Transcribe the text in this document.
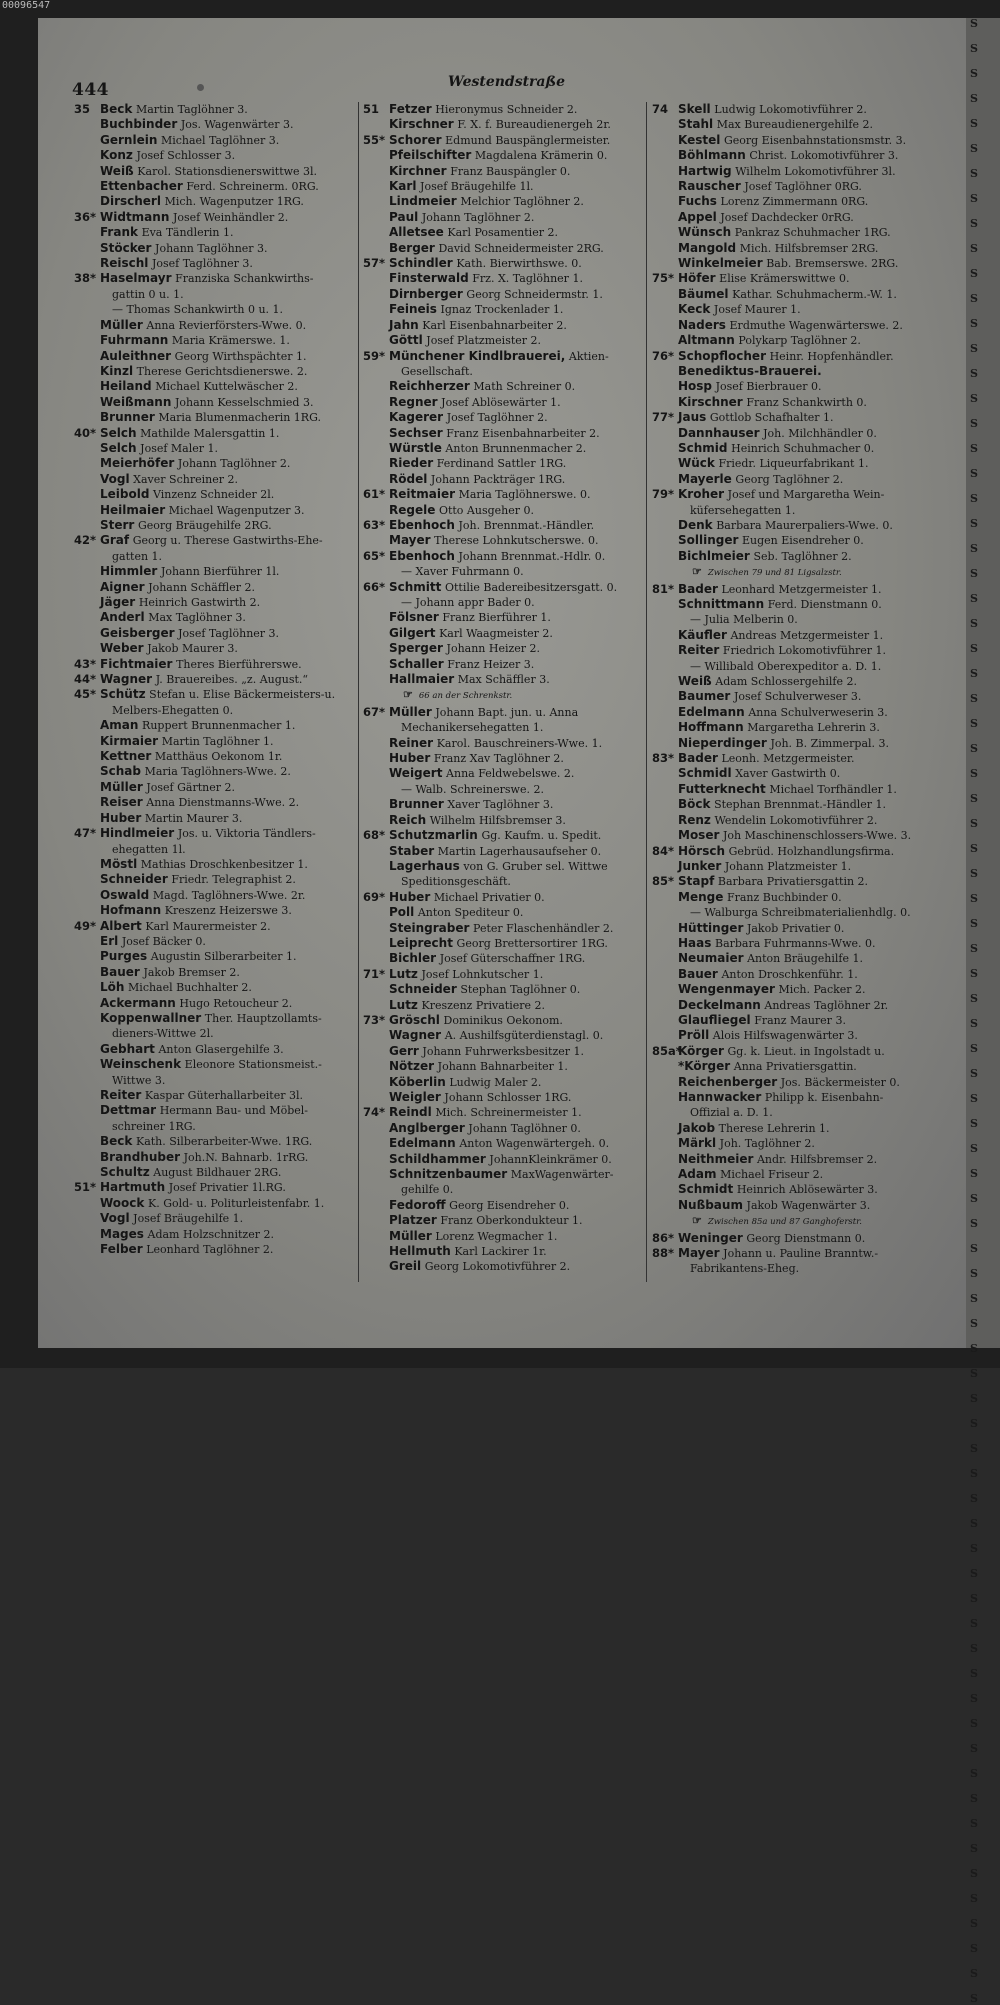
00096547
S
S
S
S
S
S
S
S
S
S
S
S
S
S
S
S
S
S
S
S
S
S
S
S
S
S
S
S
S
S
S
S
S
S
S
S
S
S
S
S
S
S
S
S
S
S
S
S
S
S
S
S
S
S
S
S
S
S
S
S
S
S
S
S
S
S
S
S
S
S
S
S
S
S
S
S
S
S
S
S
444	Westendstraße
35 Beck Martin Taglöhner 3.
Buchbinder Jos. Wagenwärter 3.
Gernlein Michael Taglöhner 3.
Konz Josef Schlosser 3.
Weiß Karol. Stationsdienerswittwe 3l.
Ettenbacher Ferd. Schreinerm. 0RG.
Dirscherl Mich. Wagenputzer 1RG.
36* Widtmann Josef Weinhändler 2.
Frank Eva Tändlerin 1.
Stöcker Johann Taglöhner 3.
Reischl Josef Taglöhner 3.
38* Haselmayr Franziska Schankwirths-
gattin 0 u. 1.
— Thomas Schankwirth 0 u. 1.
Müller Anna Revierförsters-Wwe. 0.
Fuhrmann Maria Krämerswe. 1.
Auleithner Georg Wirthspächter 1.
Kinzl Therese Gerichtsdienerswe. 2.
Heiland Michael Kuttelwäscher 2.
Weißmann Johann Kesselschmied 3.
Brunner Maria Blumenmacherin 1RG.
40* Selch Mathilde Malersgattin 1.
Selch Josef Maler 1.
Meierhöfer Johann Taglöhner 2.
Vogl Xaver Schreiner 2.
Leibold Vinzenz Schneider 2l.
Heilmaier Michael Wagenputzer 3.
Sterr Georg Bräugehilfe 2RG.
42* Graf Georg u. Therese Gastwirths-Ehe-
gatten 1.
Himmler Johann Bierführer 1l.
Aigner Johann Schäffler 2.
Jäger Heinrich Gastwirth 2.
Anderl Max Taglöhner 3.
Geisberger Josef Taglöhner 3.
Weber Jakob Maurer 3.
43* Fichtmaier Theres Bierführerswe.
44* Wagner J. Brauereibes. „z. August.“
45* Schütz Stefan u. Elise Bäckermeisters-u.
Melbers-Ehegatten 0.
Aman Ruppert Brunnenmacher 1.
Kirmaier Martin Taglöhner 1.
Kettner Matthäus Oekonom 1r.
Schab Maria Taglöhners-Wwe. 2.
Müller Josef Gärtner 2.
Reiser Anna Dienstmanns-Wwe. 2.
Huber Martin Maurer 3.
47* Hindlmeier Jos. u. Viktoria Tändlers-
ehegatten 1l.
Möstl Mathias Droschkenbesitzer 1.
Schneider Friedr. Telegraphist 2.
Oswald Magd. Taglöhners-Wwe. 2r.
Hofmann Kreszenz Heizerswe 3.
49* Albert Karl Maurermeister 2.
Erl Josef Bäcker 0.
Purges Augustin Silberarbeiter 1.
Bauer Jakob Bremser 2.
Löh Michael Buchhalter 2.
Ackermann Hugo Retoucheur 2.
Koppenwallner Ther. Hauptzollamts-
dieners-Wittwe 2l.
Gebhart Anton Glasergehilfe 3.
Weinschenk Eleonore Stationsmeist.-
Wittwe 3.
Reiter Kaspar Güterhallarbeiter 3l.
Dettmar Hermann Bau- und Möbel-
schreiner 1RG.
Beck Kath. Silberarbeiter-Wwe. 1RG.
Brandhuber Joh.N. Bahnarb. 1rRG.
Schultz August Bildhauer 2RG.
51* Hartmuth Josef Privatier 1l.RG.
Woock K. Gold- u. Politurleistenfabr. 1.
Vogl Josef Bräugehilfe 1.
Mages Adam Holzschnitzer 2.
Felber Leonhard Taglöhner 2.
51 Fetzer Hieronymus Schneider 2.
Kirschner F. X. f. Bureaudienergeh 2r.
55* Schorer Edmund Bauspänglermeister.
Pfeilschifter Magdalena Krämerin 0.
Kirchner Franz Bauspängler 0.
Karl Josef Bräugehilfe 1l.
Lindmeier Melchior Taglöhner 2.
Paul Johann Taglöhner 2.
Alletsee Karl Posamentier 2.
Berger David Schneidermeister 2RG.
57* Schindler Kath. Bierwirthswe. 0.
Finsterwald Frz. X. Taglöhner 1.
Dirnberger Georg Schneidermstr. 1.
Feineis Ignaz Trockenlader 1.
Jahn Karl Eisenbahnarbeiter 2.
Göttl Josef Platzmeister 2.
59* Münchener Kindlbrauerei, Aktien-
Gesellschaft.
Reichherzer Math Schreiner 0.
Regner Josef Ablösewärter 1.
Kagerer Josef Taglöhner 2.
Sechser Franz Eisenbahnarbeiter 2.
Würstle Anton Brunnenmacher 2.
Rieder Ferdinand Sattler 1RG.
Rödel Johann Packträger 1RG.
61* Reitmaier Maria Taglöhnerswe. 0.
Regele Otto Ausgeher 0.
63* Ebenhoch Joh. Brennmat.-Händler.
Mayer Therese Lohnkutscherswe. 0.
65* Ebenhoch Johann Brennmat.-Hdlr. 0.
— Xaver Fuhrmann 0.
66* Schmitt Ottilie Badereibesitzersgatt. 0.
— Johann appr Bader 0.
Fölsner Franz Bierführer 1.
Gilgert Karl Waagmeister 2.
Sperger Johann Heizer 2.
Schaller Franz Heizer 3.
Hallmaier Max Schäffler 3.
☞ 66 an der Schrenkstr.
67* Müller Johann Bapt. jun. u. Anna
Mechanikersehegatten 1.
Reiner Karol. Bauschreiners-Wwe. 1.
Huber Franz Xav Taglöhner 2.
Weigert Anna Feldwebelswe. 2.
— Walb. Schreinerswe. 2.
Brunner Xaver Taglöhner 3.
Reich Wilhelm Hilfsbremser 3.
68* Schutzmarlin Gg. Kaufm. u. Spedit.
Staber Martin Lagerhausaufseher 0.
Lagerhaus von G. Gruber sel. Wittwe
Speditionsgeschäft.
69* Huber Michael Privatier 0.
Poll Anton Spediteur 0.
Steingraber Peter Flaschenhändler 2.
Leiprecht Georg Brettersortirer 1RG.
Bichler Josef Güterschaffner 1RG.
71* Lutz Josef Lohnkutscher 1.
Schneider Stephan Taglöhner 0.
Lutz Kreszenz Privatiere 2.
73* Gröschl Dominikus Oekonom.
Wagner A. Aushilfsgüterdienstagl. 0.
Gerr Johann Fuhrwerksbesitzer 1.
Nötzer Johann Bahnarbeiter 1.
Köberlin Ludwig Maler 2.
Weigler Johann Schlosser 1RG.
74* Reindl Mich. Schreinermeister 1.
Anglberger Johann Taglöhner 0.
Edelmann Anton Wagenwärtergeh. 0.
Schildhammer JohannKleinkrämer 0.
Schnitzenbaumer MaxWagenwärter-
gehilfe 0.
Fedoroff Georg Eisendreher 0.
Platzer Franz Oberkondukteur 1.
Müller Lorenz Wegmacher 1.
Hellmuth Karl Lackirer 1r.
Greil Georg Lokomotivführer 2.
74 Skell Ludwig Lokomotivführer 2.
Stahl Max Bureaudienergehilfe 2.
Kestel Georg Eisenbahnstationsmstr. 3.
Böhlmann Christ. Lokomotivführer 3.
Hartwig Wilhelm Lokomotivführer 3l.
Rauscher Josef Taglöhner 0RG.
Fuchs Lorenz Zimmermann 0RG.
Appel Josef Dachdecker 0rRG.
Wünsch Pankraz Schuhmacher 1RG.
Mangold Mich. Hilfsbremser 2RG.
Winkelmeier Bab. Bremserswe. 2RG.
75* Höfer Elise Krämerswittwe 0.
Bäumel Kathar. Schuhmacherm.-W. 1.
Keck Josef Maurer 1.
Naders Erdmuthe Wagenwärterswe. 2.
Altmann Polykarp Taglöhner 2.
76* Schopflocher Heinr. Hopfenhändler.
Benediktus-Brauerei.
Hosp Josef Bierbrauer 0.
Kirschner Franz Schankwirth 0.
77* Jaus Gottlob Schafhalter 1.
Dannhauser Joh. Milchhändler 0.
Schmid Heinrich Schuhmacher 0.
Wück Friedr. Liqueurfabrikant 1.
Mayerle Georg Taglöhner 2.
79* Kroher Josef und Margaretha Wein-
küfersehegatten 1.
Denk Barbara Maurerpaliers-Wwe. 0.
Sollinger Eugen Eisendreher 0.
Bichlmeier Seb. Taglöhner 2.
☞ Zwischen 79 und 81 Ligsalzstr.
81* Bader Leonhard Metzgermeister 1.
Schnittmann Ferd. Dienstmann 0.
— Julia Melberin 0.
Käufler Andreas Metzgermeister 1.
Reiter Friedrich Lokomotivführer 1.
— Willibald Oberexpeditor a. D. 1.
Weiß Adam Schlossergehilfe 2.
Baumer Josef Schulverweser 3.
Edelmann Anna Schulverweserin 3.
Hoffmann Margaretha Lehrerin 3.
Nieperdinger Joh. B. Zimmerpal. 3.
83* Bader Leonh. Metzgermeister.
Schmidl Xaver Gastwirth 0.
Futterknecht Michael Torfhändler 1.
Böck Stephan Brennmat.-Händler 1.
Renz Wendelin Lokomotivführer 2.
Moser Joh Maschinenschlossers-Wwe. 3.
84* Hörsch Gebrüd. Holzhandlungsfirma.
Junker Johann Platzmeister 1.
85* Stapf Barbara Privatiersgattin 2.
Menge Franz Buchbinder 0.
— Walburga Schreibmaterialienhdlg. 0.
Hüttinger Jakob Privatier 0.
Haas Barbara Fuhrmanns-Wwe. 0.
Neumaier Anton Bräugehilfe 1.
Bauer Anton Droschkenführ. 1.
Wengenmayer Mich. Packer 2.
Deckelmann Andreas Taglöhner 2r.
Glaufliegel Franz Maurer 3.
Pröll Alois Hilfswagenwärter 3.
85a*Körger Gg. k. Lieut. in Ingolstadt u.
*Körger Anna Privatiersgattin.
Reichenberger Jos. Bäckermeister 0.
Hannwacker Philipp k. Eisenbahn-
Offizial a. D. 1.
Jakob Therese Lehrerin 1.
Märkl Joh. Taglöhner 2.
Neithmeier Andr. Hilfsbremser 2.
Adam Michael Friseur 2.
Schmidt Heinrich Ablösewärter 3.
Nußbaum Jakob Wagenwärter 3.
☞ Zwischen 85a und 87 Ganghoferstr.
86* Weninger Georg Dienstmann 0.
88* Mayer Johann u. Pauline Branntw.-
Fabrikantens-Eheg.
